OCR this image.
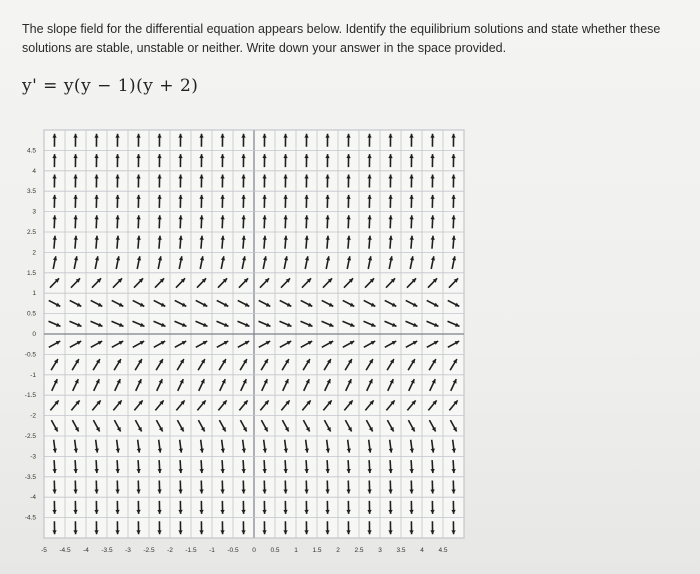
The slope field for the differential equation appears below. Identify the equilibrium solutions and state whether these solutions are stable, unstable or neither. Write down your answer in the space provided.
y' = y(y − 1)(y + 2)
-5 -4.5 -4 -3.5 -3 -2.5 -2 -1.5 -1 -0.5 0 0.5 1 1.5 2 2.5 3 3.5 4 4.5
4.5
4
3.5
3
2.5
2
1.5
1
0.5
0
-0.5
-1
-1.5
-2
-2.5
-3
-3.5
-4
-4.5
